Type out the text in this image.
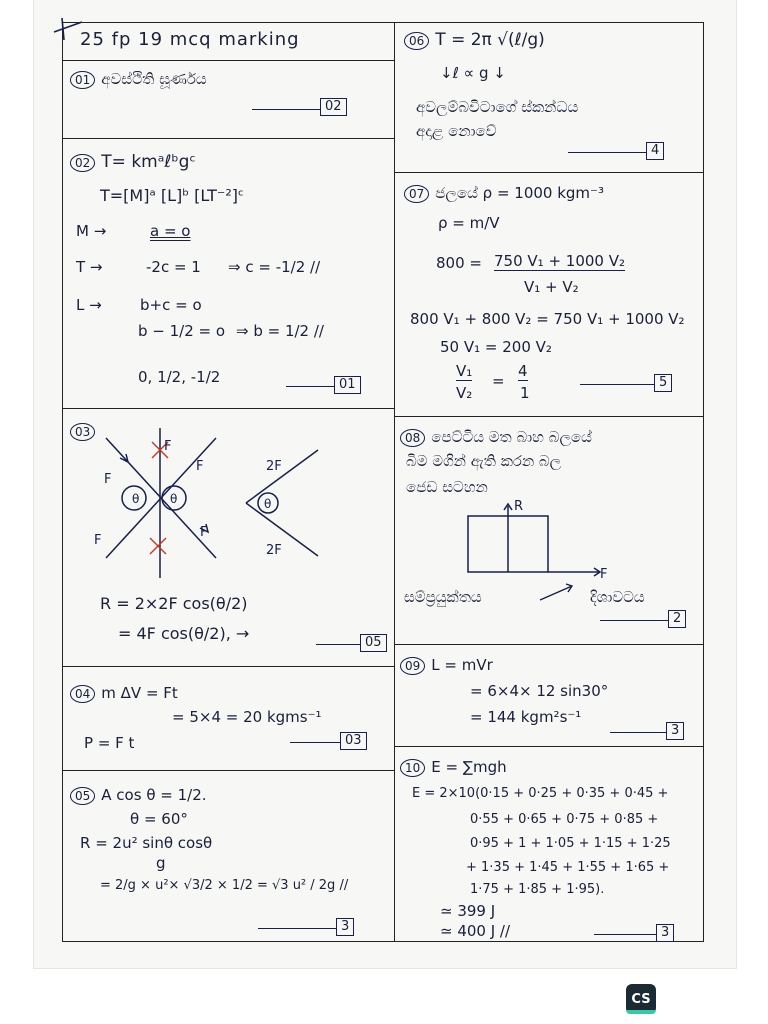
25 fp 19 mcq marking
01 අවස්ථිති ඝූර්ණය
02
02 T= kmᵃℓᵇgᶜ
T=[M]ᵃ [L]ᵇ [LT⁻²]ᶜ
M →	a = o
T →	-2c = 1 ⇒ c = -1/2 //
L →	b+c = o
b − 1/2 = o ⇒ b = 1/2 //
0, 1/2, -1/2	01
03
θ	θ	θ
F
F
F
F
F
2F
2F
R = 2×2F cos(θ/2)
= 4F cos(θ/2), →	05
04 m ΔV = Ft
= 5×4 = 20 kgms⁻¹
P = F t	03
05 A cos θ = 1/2.
θ = 60°
R = 2u² sinθ cosθ
g
= 2/g × u²× √3/2 × 1/2 = √3 u² / 2g //
3
06 T = 2π √(ℓ/g)
↓ℓ ∝ g ↓
අවලම්බවිටාගේ ස්කන්ධය
අදාළ නොවේ
4
07 ජලයේ ρ = 1000 kgm⁻³
ρ = m/V
800 = 750 V₁ + 1000 V₂
V₁ + V₂
800 V₁ + 800 V₂ = 750 V₁ + 1000 V₂
50 V₁ = 200 V₂
V₁
V₂
=
4
1
5
08 පෙට්ටිය මත බාහ බලයේ
බිම මගින් ඇති කරන බල
ජෙඩ සටහන
R
F
සම්ප්‍රයුක්තය	දිශාවටය
2
09 L = mVr
= 6×4× 12 sin30°
= 144 kgm²s⁻¹
3
10 E = ∑mgh
E = 2×10(0·15 + 0·25 + 0·35 + 0·45 +
0·55 + 0·65 + 0·75 + 0·85 +
0·95 + 1 + 1·05 + 1·15 + 1·25
+ 1·35 + 1·45 + 1·55 + 1·65 +
1·75 + 1·85 + 1·95).
≃ 399 J
≃ 400 J //	3
CS
